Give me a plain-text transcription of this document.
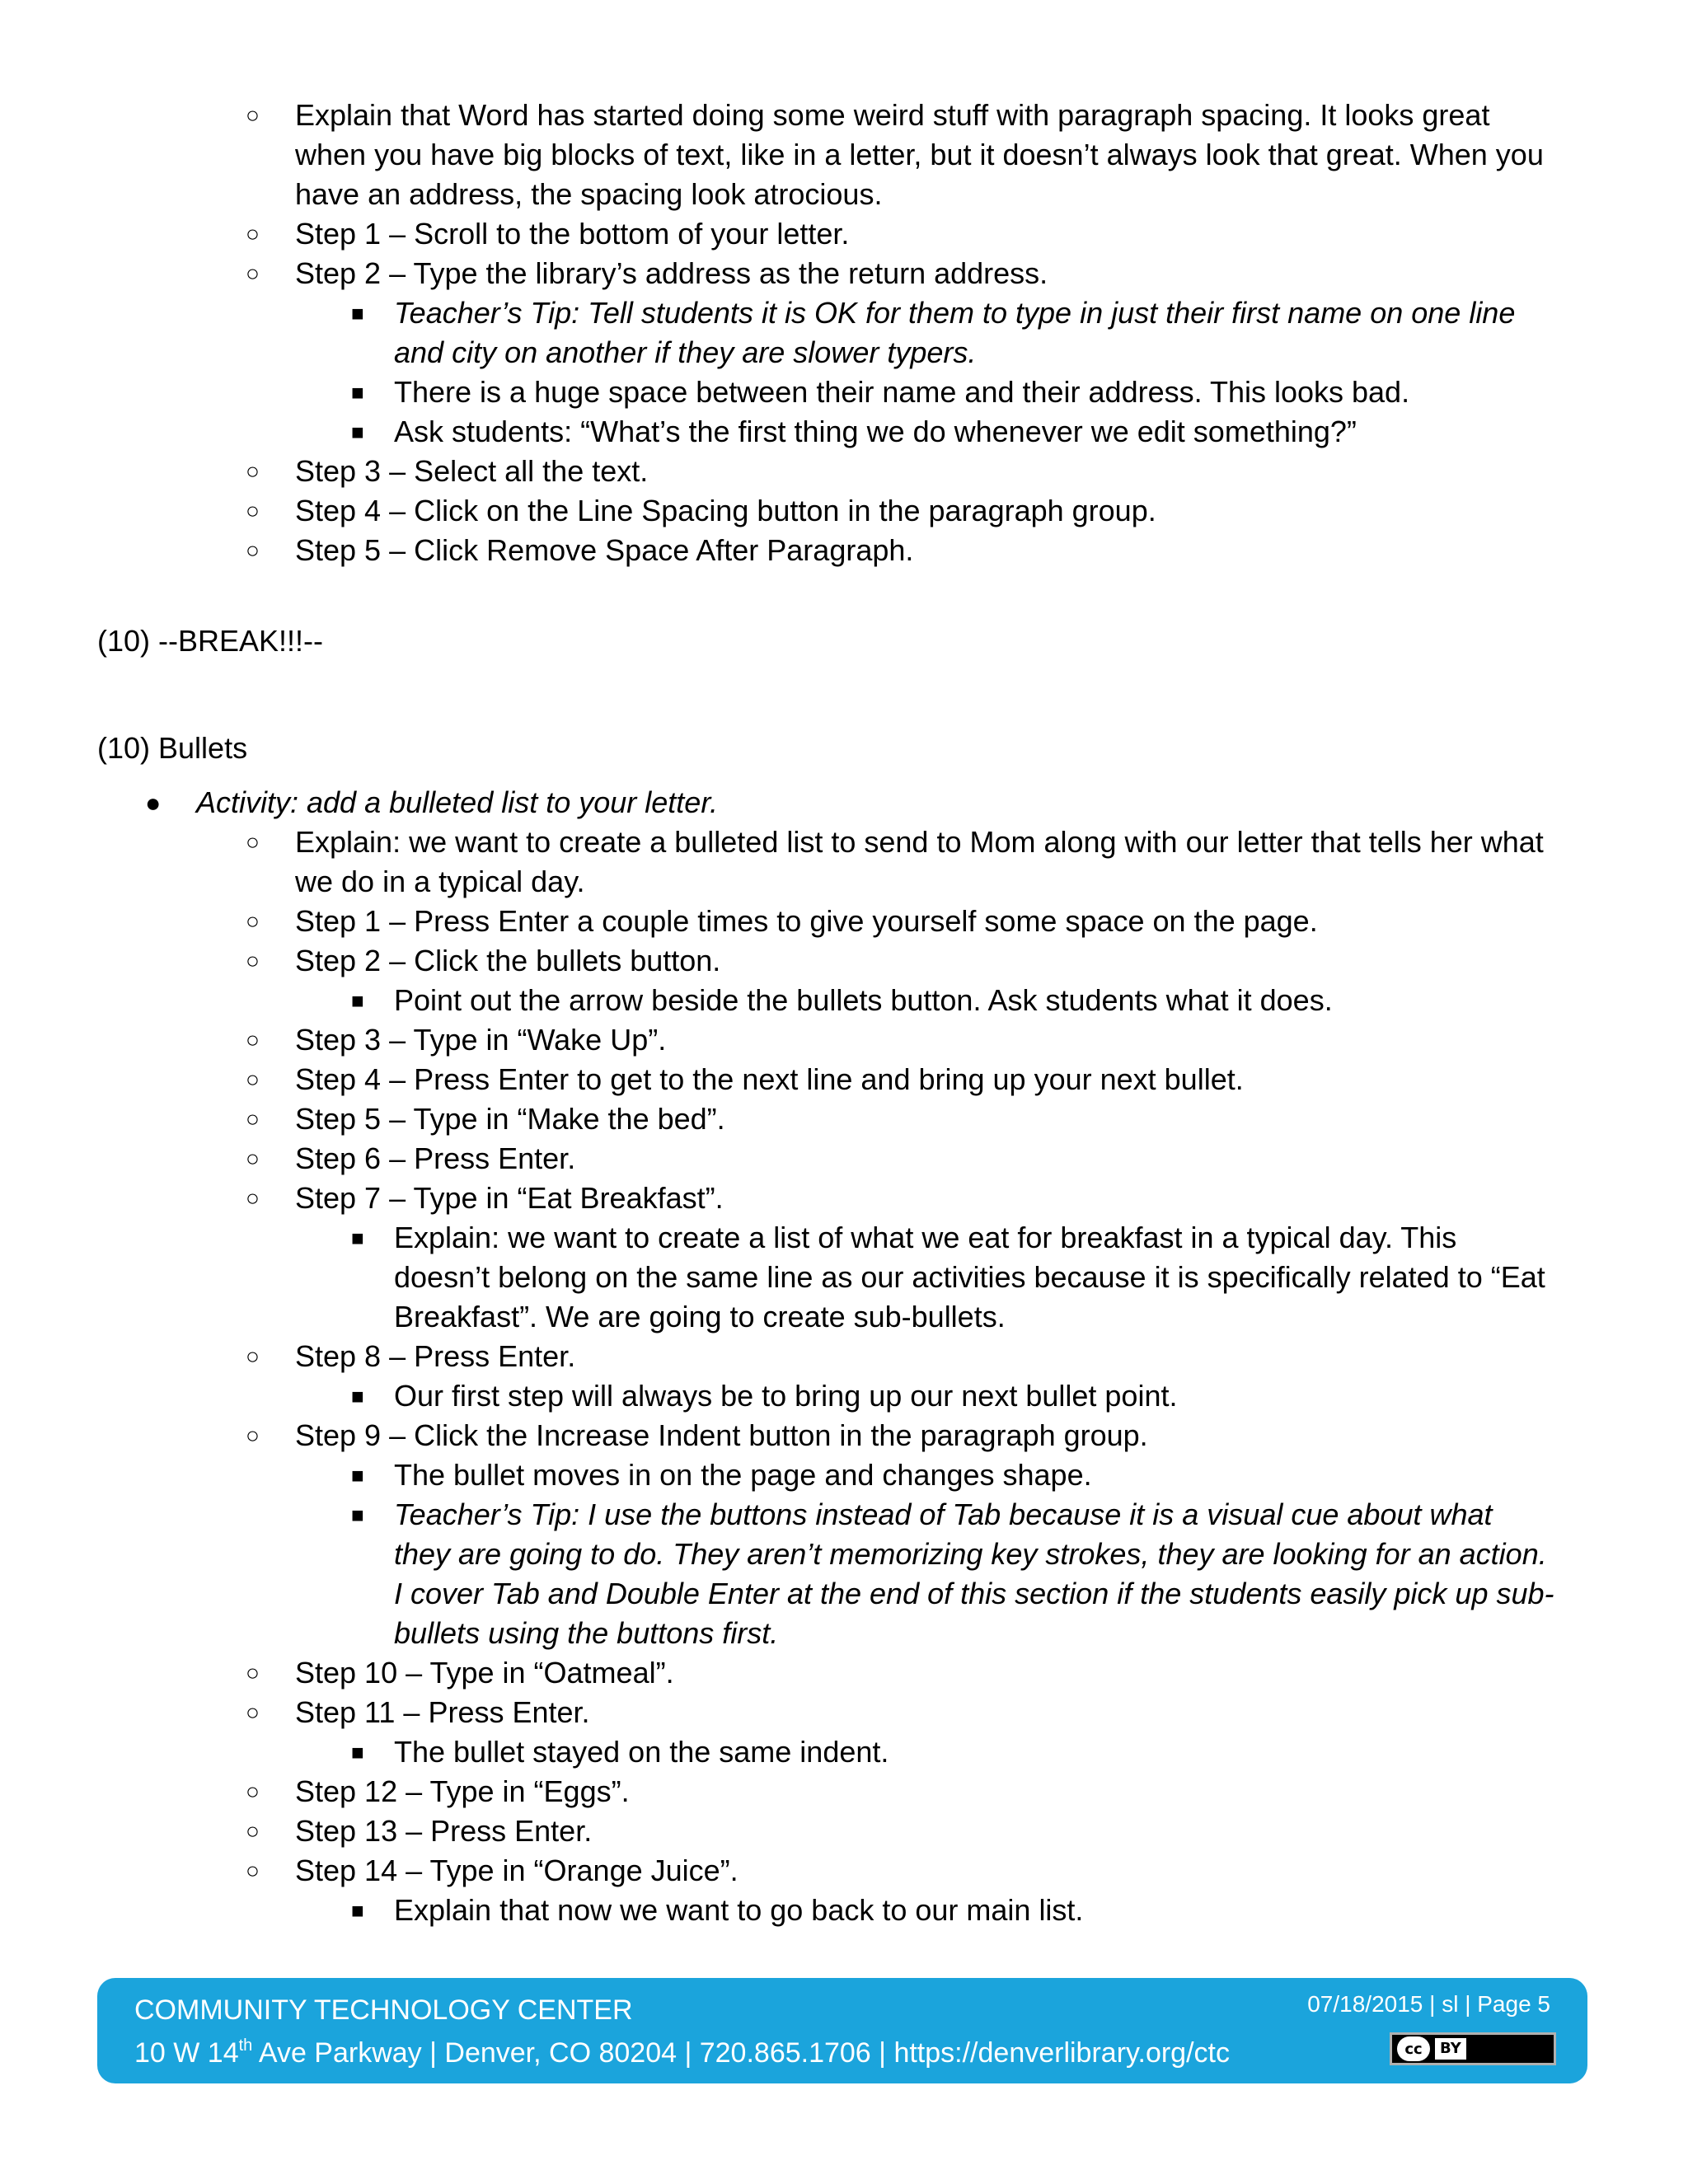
○ Explain that Word has started doing some weird stuff with paragraph spacing. It looks great
when you have big blocks of text, like in a letter, but it doesn’t always look that great. When you
have an address, the spacing look atrocious.
○ Step 1 – Scroll to the bottom of your letter.
○ Step 2 – Type the library’s address as the return address.
■ Teacher’s Tip: Tell students it is OK for them to type in just their first name on one line
and city on another if they are slower typers.
■ There is a huge space between their name and their address. This looks bad.
■ Ask students: “What’s the first thing we do whenever we edit something?”
○ Step 3 – Select all the text.
○ Step 4 – Click on the Line Spacing button in the paragraph group.
○ Step 5 – Click Remove Space After Paragraph.
(10) --BREAK!!!--
(10) Bullets
● Activity: add a bulleted list to your letter.
○ Explain: we want to create a bulleted list to send to Mom along with our letter that tells her what
we do in a typical day.
○ Step 1 – Press Enter a couple times to give yourself some space on the page.
○ Step 2 – Click the bullets button.
■ Point out the arrow beside the bullets button. Ask students what it does.
○ Step 3 – Type in “Wake Up”.
○ Step 4 – Press Enter to get to the next line and bring up your next bullet.
○ Step 5 – Type in “Make the bed”.
○ Step 6 – Press Enter.
○ Step 7 – Type in “Eat Breakfast”.
■ Explain: we want to create a list of what we eat for breakfast in a typical day. This
doesn’t belong on the same line as our activities because it is specifically related to “Eat
Breakfast”. We are going to create sub-bullets.
○ Step 8 – Press Enter.
■ Our first step will always be to bring up our next bullet point.
○ Step 9 – Click the Increase Indent button in the paragraph group.
■ The bullet moves in on the page and changes shape.
■ Teacher’s Tip: I use the buttons instead of Tab because it is a visual cue about what
they are going to do. They aren’t memorizing key strokes, they are looking for an action.
I cover Tab and Double Enter at the end of this section if the students easily pick up sub-
bullets using the buttons first.
○ Step 10 – Type in “Oatmeal”.
○ Step 11 – Press Enter.
■ The bullet stayed on the same indent.
○ Step 12 – Type in “Eggs”.
○ Step 13 – Press Enter.
○ Step 14 – Type in “Orange Juice”.
■ Explain that now we want to go back to our main list.
COMMUNITY TECHNOLOGY CENTER
10 W 14th Ave Parkway | Denver, CO 80204 | 720.865.1706 | https://denverlibrary.org/ctc
07/18/2015 | sl | Page 5
cc	BY
